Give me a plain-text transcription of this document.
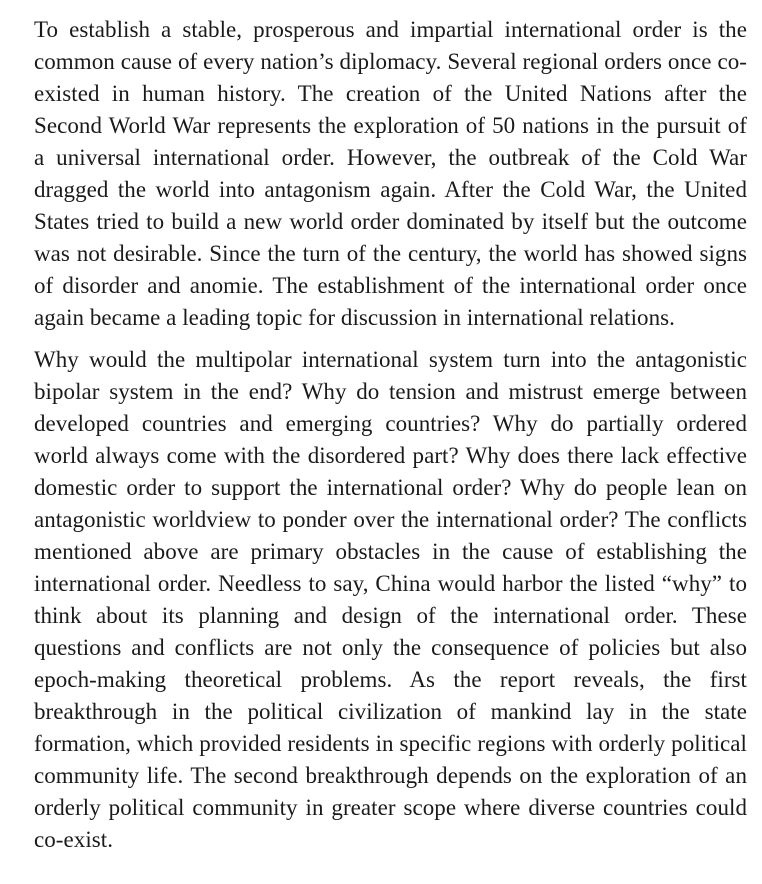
To establish a stable, prosperous and impartial international order is the common cause of every nation’s diplomacy. Several regional orders once co-existed in human history. The creation of the United Nations after the Second World War represents the exploration of 50 nations in the pursuit of a universal international order. However, the outbreak of the Cold War dragged the world into antagonism again. After the Cold War, the United States tried to build a new world order dominated by itself but the outcome was not desirable. Since the turn of the century, the world has showed signs of disorder and anomie. The establishment of the international order once again became a leading topic for discussion in international relations.

Why would the multipolar international system turn into the antagonistic bipolar system in the end? Why do tension and mistrust emerge between developed countries and emerging countries? Why do partially ordered world always come with the disordered part? Why does there lack effective domestic order to support the international order? Why do people lean on antagonistic worldview to ponder over the international order? The conflicts mentioned above are primary obstacles in the cause of establishing the international order. Needless to say, China would harbor the listed “why” to think about its planning and design of the international order. These questions and conflicts are not only the consequence of policies but also epoch-making theoretical problems. As the report reveals, the first breakthrough in the political civilization of mankind lay in the state formation, which provided residents in specific regions with orderly political community life. The second breakthrough depends on the exploration of an orderly political community in greater scope where diverse countries could co-exist.
